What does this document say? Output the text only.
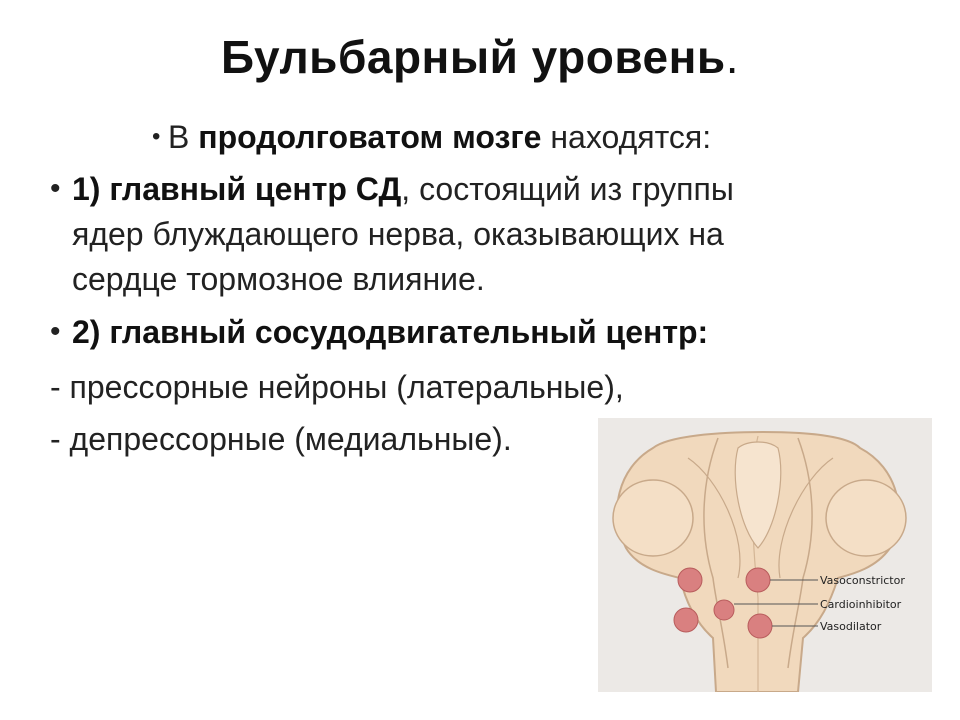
Бульбарный уровень.
• В продолговатом мозге находятся:
• 1) главный центр СД, состоящий из группы
ядер блуждающего нерва, оказывающих на
сердце тормозное влияние.
• 2) главный сосудодвигательный центр:
- прессорные нейроны (латеральные),
- депрессорные (медиальные).
Vasoconstrictor
Cardioinhibitor
Vasodilator
